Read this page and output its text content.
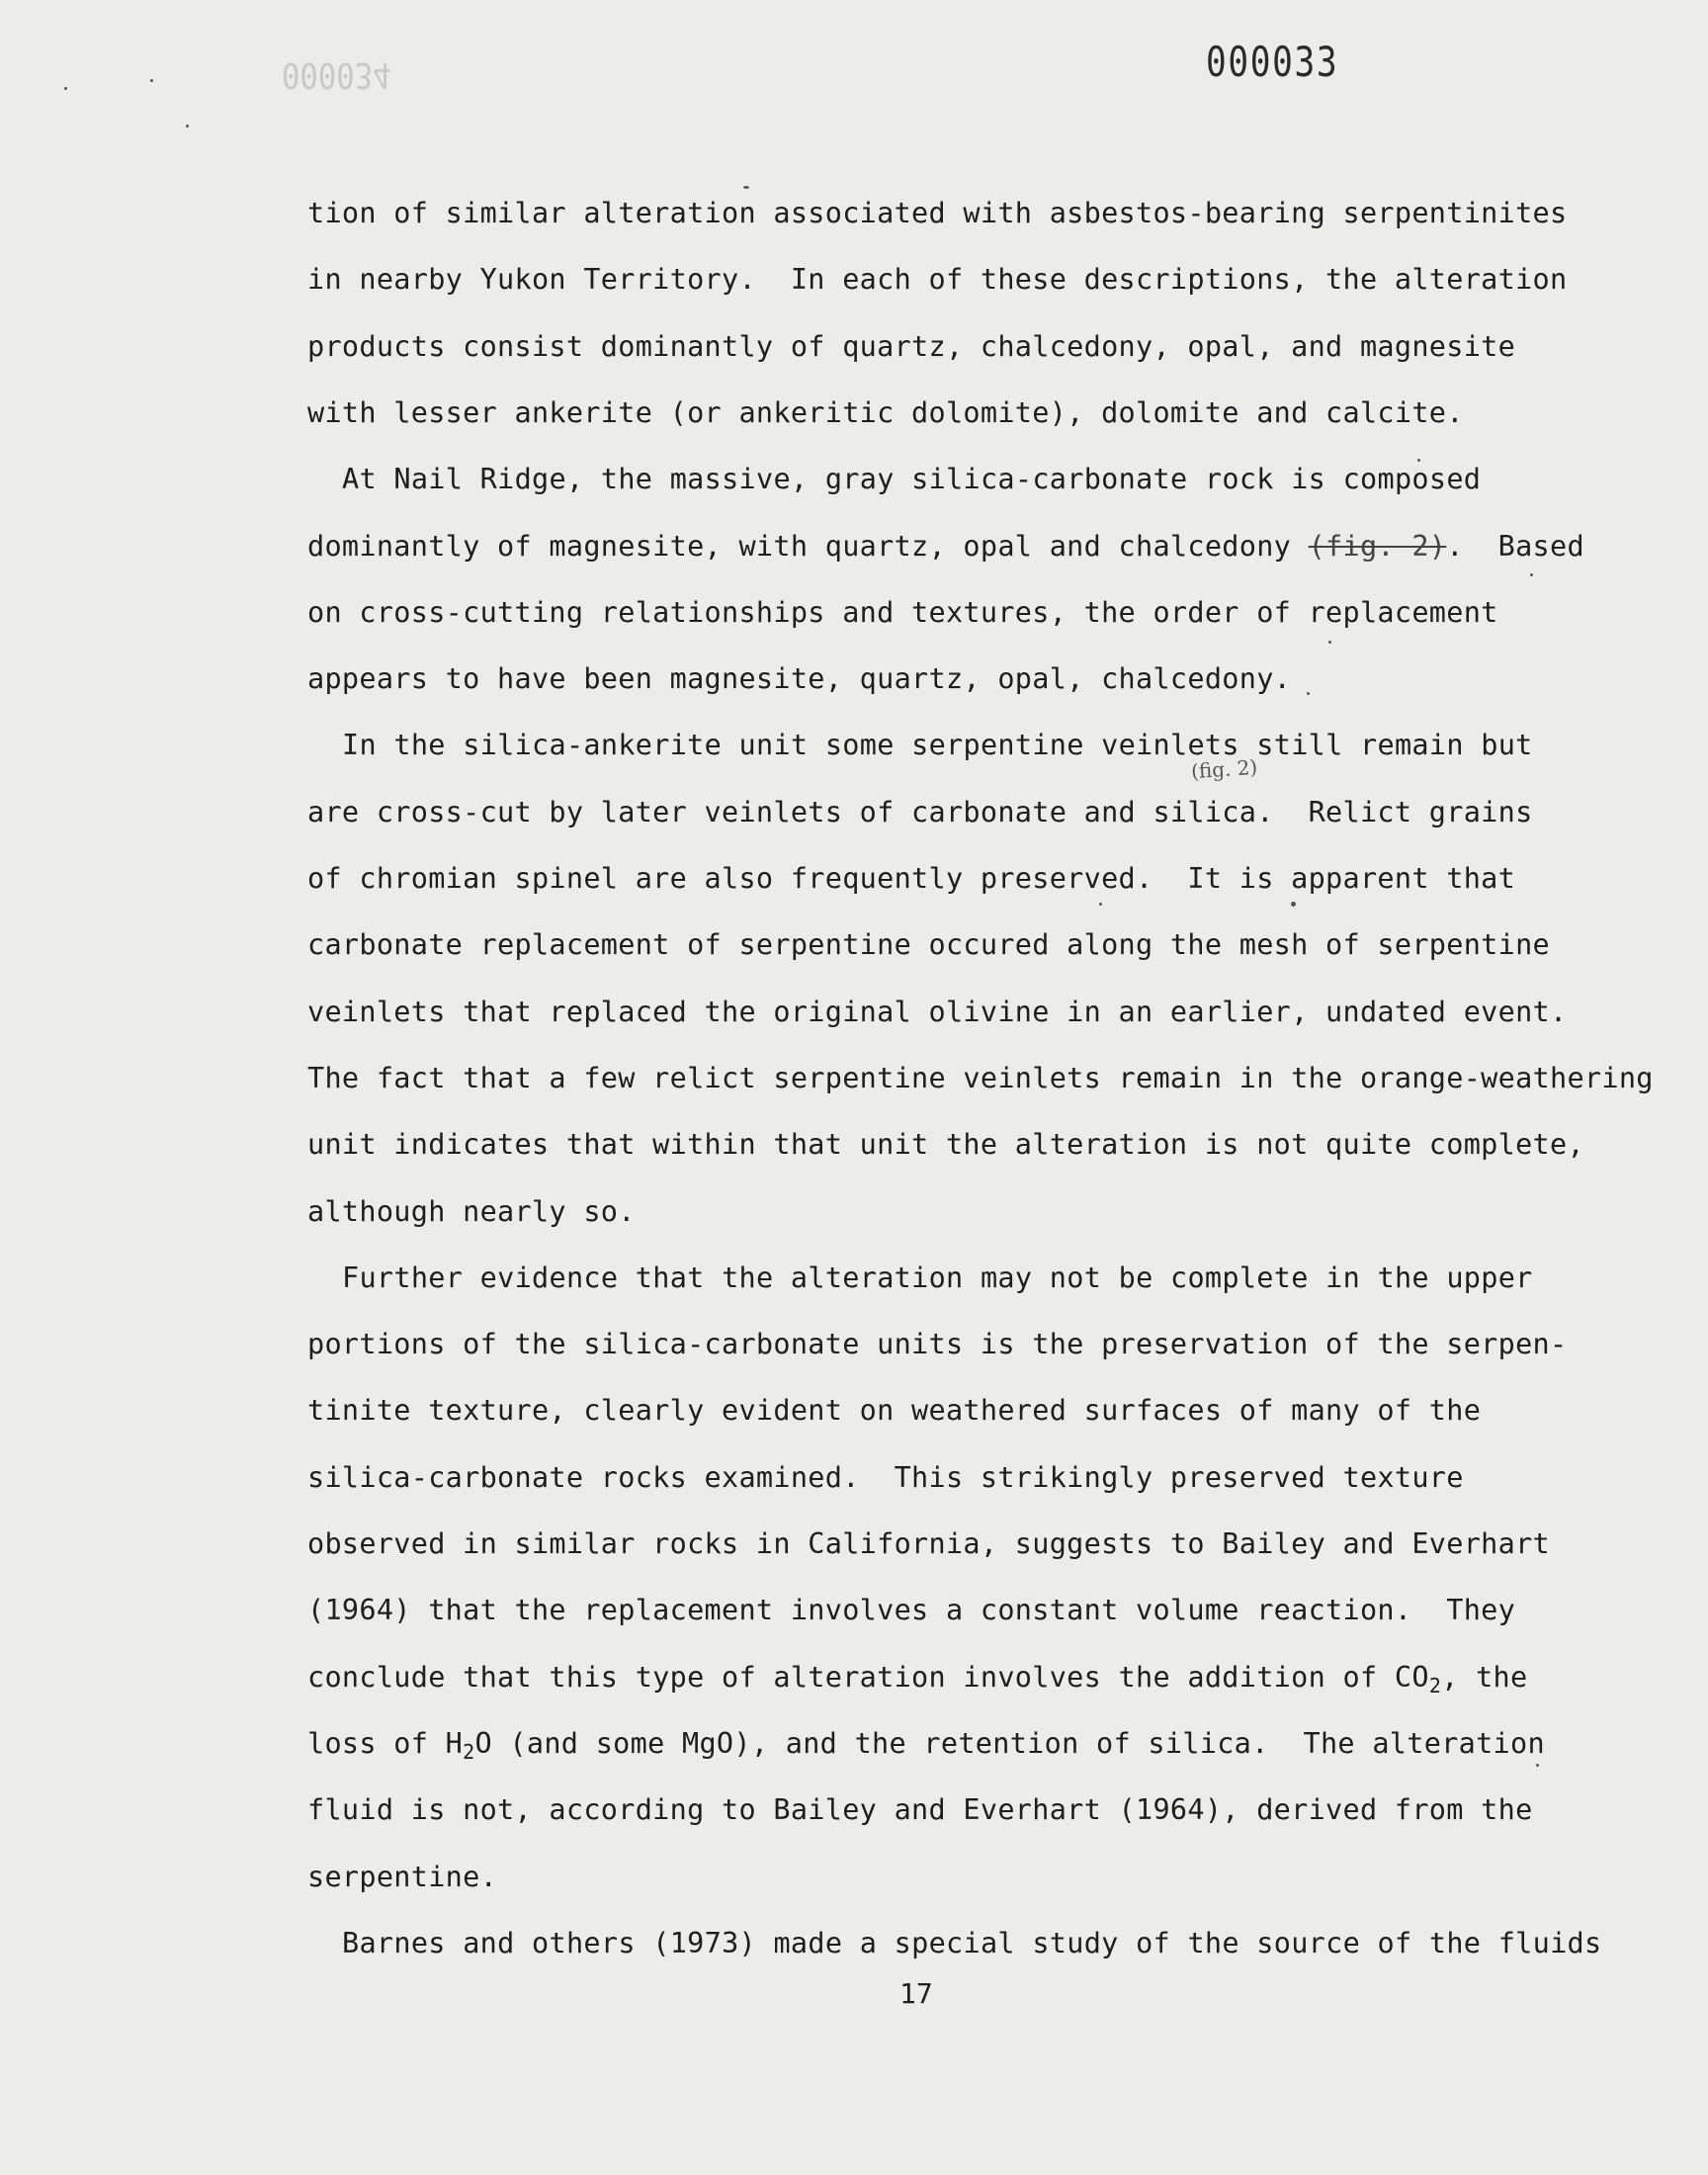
000034	000033
tion of similar alteration associated with asbestos-bearing serpentinites
in nearby Yukon Territory.  In each of these descriptions, the alteration
products consist dominantly of quartz, chalcedony, opal, and magnesite
with lesser ankerite (or ankeritic dolomite), dolomite and calcite.
At Nail Ridge, the massive, gray silica-carbonate rock is composed
dominantly of magnesite, with quartz, opal and chalcedony (fig. 2).  Based
on cross-cutting relationships and textures, the order of replacement
appears to have been magnesite, quartz, opal, chalcedony.
In the silica-ankerite unit some serpentine veinlets still remain but
are cross-cut by later veinlets of carbonate and silica.  Relict grains
of chromian spinel are also frequently preserved.  It is apparent that
carbonate replacement of serpentine occured along the mesh of serpentine
veinlets that replaced the original olivine in an earlier, undated event.
The fact that a few relict serpentine veinlets remain in the orange-weathering
unit indicates that within that unit the alteration is not quite complete,
although nearly so.
Further evidence that the alteration may not be complete in the upper
portions of the silica-carbonate units is the preservation of the serpen-
tinite texture, clearly evident on weathered surfaces of many of the
silica-carbonate rocks examined.  This strikingly preserved texture
observed in similar rocks in California, suggests to Bailey and Everhart
(1964) that the replacement involves a constant volume reaction.  They
conclude that this type of alteration involves the addition of $CO_2$, the
loss of $H_2O$ (and some MgO), and the retention of silica.  The alteration
fluid is not, according to Bailey and Everhart (1964), derived from the
serpentine.
Barnes and others (1973) made a special study of the source of the fluids
(fig. 2)
17
